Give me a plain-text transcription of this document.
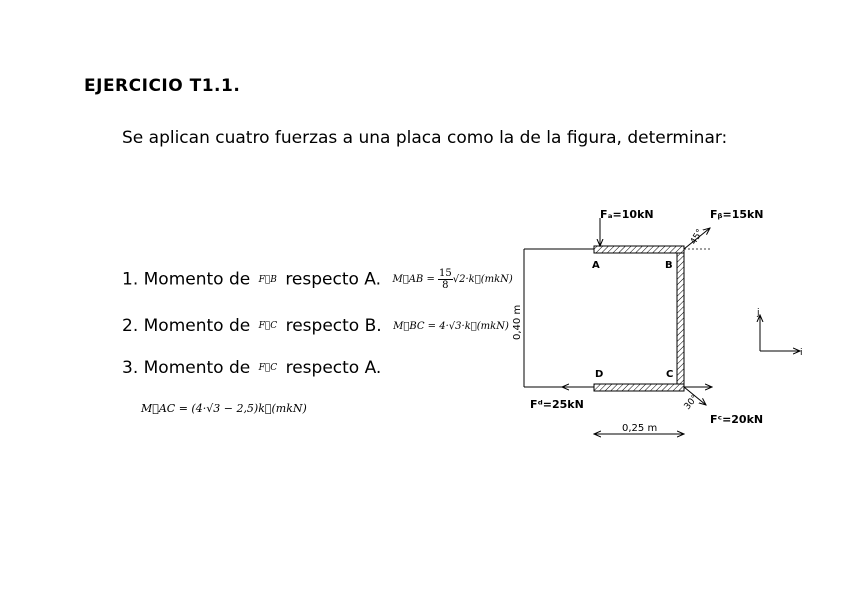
EJERCICIO T1.1.
Se aplican cuatro fuerzas a una placa como la de la figura, determinar:
1. Momento de F⃗B respecto A. M⃗AB = $\frac{15}{8}$ √2·k⃗(mkN)
2. Momento de F⃗C respecto B. M⃗BC = 4·√3·k⃗(mkN)
3. Momento de F⃗C respecto A.
M⃗AC = (4·√3 − 2,5)k⃗(mkN)
Fₐ=10kN	Fᵦ=15kN
Fᶜ=20kN
Fᵈ=25kN
A	B
C
D
0,40 m
0,25 m
45°
30°
j
i
